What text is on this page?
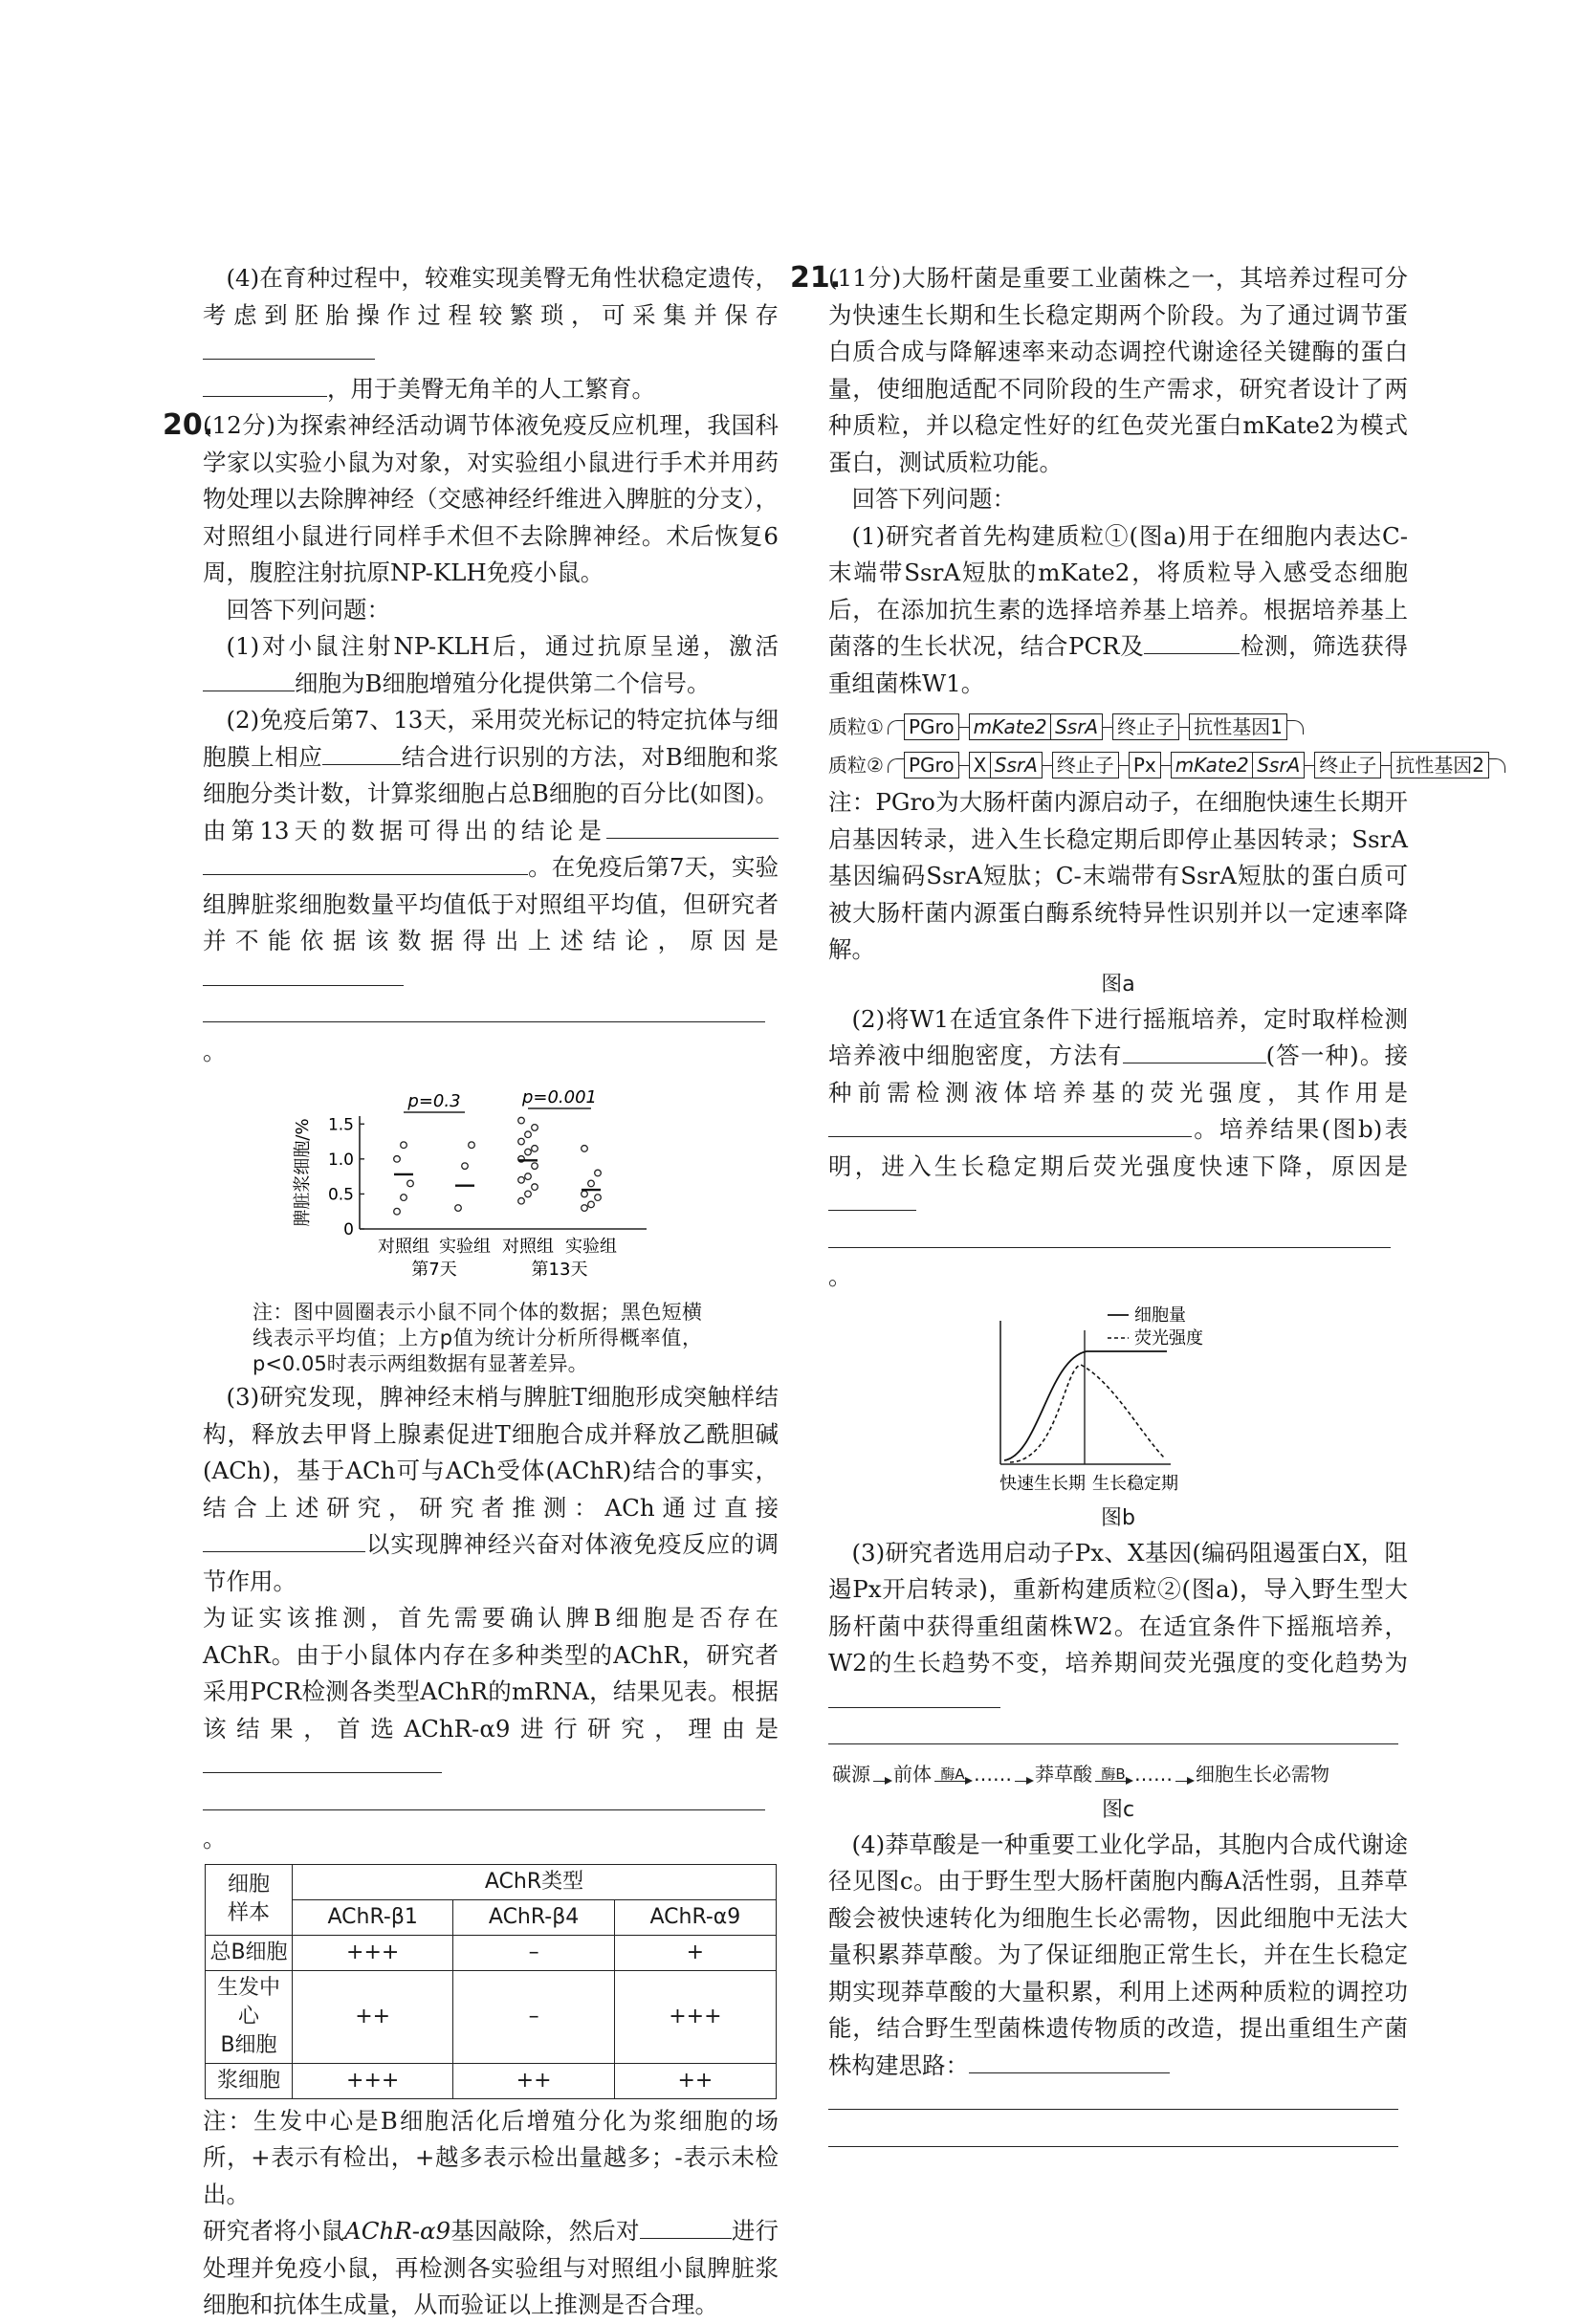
(4)在育种过程中，较难实现美臀无角性状稳定遗传，考虑到胚胎操作过程较繁琐，可采集并保存

，用于美臀无角羊的人工繁育。

20.
(12分)为探索神经活动调节体液免疫反应机理，我国科学家以实验小鼠为对象，对实验组小鼠进行手术并用药物处理以去除脾神经（交感神经纤维进入脾脏的分支），对照组小鼠进行同样手术但不去除脾神经。术后恢复6周，腹腔注射抗原NP-KLH免疫小鼠。

回答下列问题：

(1)对小鼠注射NP-KLH后，通过抗原呈递，激活细胞为B细胞增殖分化提供第二个信号。

(2)免疫后第7、13天，采用荧光标记的特定抗体与细胞膜上相应	结合进行识别的方法，对B细胞和浆细胞分类计数，计算浆细胞占总B细胞的百分比(如图)。由第13天的数据可得出的结论是。在免疫后第7天，实验组脾脏浆细胞数量平均值低于对照组平均值，但研究者并不能依据该数据得出上述结论，原因是
。

0
0.5
1.0
1.5
脾脏浆细胞/%
对照组 实验组 对照组 实验组
第7天	第13天
p=0.3	p=0.001

注：图中圆圈表示小鼠不同个体的数据；黑色短横线表示平均值；上方p值为统计分析所得概率值，p<0.05时表示两组数据有显著差异。

(3)研究发现，脾神经末梢与脾脏T细胞形成突触样结构，释放去甲肾上腺素促进T细胞合成并释放乙酰胆碱(ACh)，基于ACh可与ACh受体(AChR)结合的事实，结合上述研究，研究者推测：ACh通过直接以实现脾神经兴奋对体液免疫反应的调节作用。

为证实该推测，首先需要确认脾B细胞是否存在AChR。由于小鼠体内存在多种类型的AChR，研究者采用PCR检测各类型AChR的mRNA，结果见表。根据该结果，首选AChR-α9进行研究，理由是
。

细胞
样本	AChR类型		
	AChR-β1	AChR-β4	AChR-α9
总B细胞	+++	–	+
生发中心
B细胞	++	–	+++
浆细胞	+++	++	++

注：生发中心是B细胞活化后增殖分化为浆细胞的场所，+表示有检出，+越多表示检出量越多；-表示未检出。

研究者将小鼠AChR-α9基因敲除，然后对	进行处理并免疫小鼠，再检测各实验组与对照组小鼠脾脏浆细胞和抗体生成量，从而验证以上推测是否合理。

21.
(11分)大肠杆菌是重要工业菌株之一，其培养过程可分为快速生长期和生长稳定期两个阶段。为了通过调节蛋白质合成与降解速率来动态调控代谢途径关键酶的蛋白量，使细胞适配不同阶段的生产需求，研究者设计了两种质粒，并以稳定性好的红色荧光蛋白mKate2为模式蛋白，测试质粒功能。

回答下列问题：

(1)研究者首先构建质粒①(图a)用于在细胞内表达C-末端带SsrA短肽的mKate2，将质粒导入感受态细胞后，在添加抗生素的选择培养基上培养。根据培养基上菌落的生长状况，结合PCR及	检测，筛选获得重组菌株W1。

质粒① PGro mKate2 SsrA 终止子 抗性基因1
质粒② PGro X SsrA 终止子 Px mKate2 SsrA 终止子 抗性基因2

注：PGro为大肠杆菌内源启动子，在细胞快速生长期开启基因转录，进入生长稳定期后即停止基因转录；SsrA基因编码SsrA短肽；C-末端带有SsrA短肽的蛋白质可被大肠杆菌内源蛋白酶系统特异性识别并以一定速率降解。

图a

(2)将W1在适宜条件下进行摇瓶培养，定时取样检测培养液中细胞密度，方法有	(答一种)。接种前需检测液体培养基的荧光强度，其作用是。培养结果(图b)表明，进入生长稳定期后荧光强度快速下降，原因是
。

细胞量
荧光强度
快速生长期 生长稳定期

图b

(3)研究者选用启动子Px、X基因(编码阻遏蛋白X，阻遏Px开启转录)，重新构建质粒②(图a)，导入野生型大肠杆菌中获得重组菌株W2。在适宜条件下摇瓶培养，W2的生长趋势不变，培养期间荧光强度的变化趋势为

碳源
前体 酶A ……
莽草酸 酶B ……
细胞生长必需物

图c

(4)莽草酸是一种重要工业化学品，其胞内合成代谢途径见图c。由于野生型大肠杆菌胞内酶A活性弱，且莽草酸会被快速转化为细胞生长必需物，因此细胞中无法大量积累莽草酸。为了保证细胞正常生长，并在生长稳定期实现莽草酸的大量积累，利用上述两种质粒的调控功能，结合野生型菌株遗传物质的改造，提出重组生产菌株构建思路：
